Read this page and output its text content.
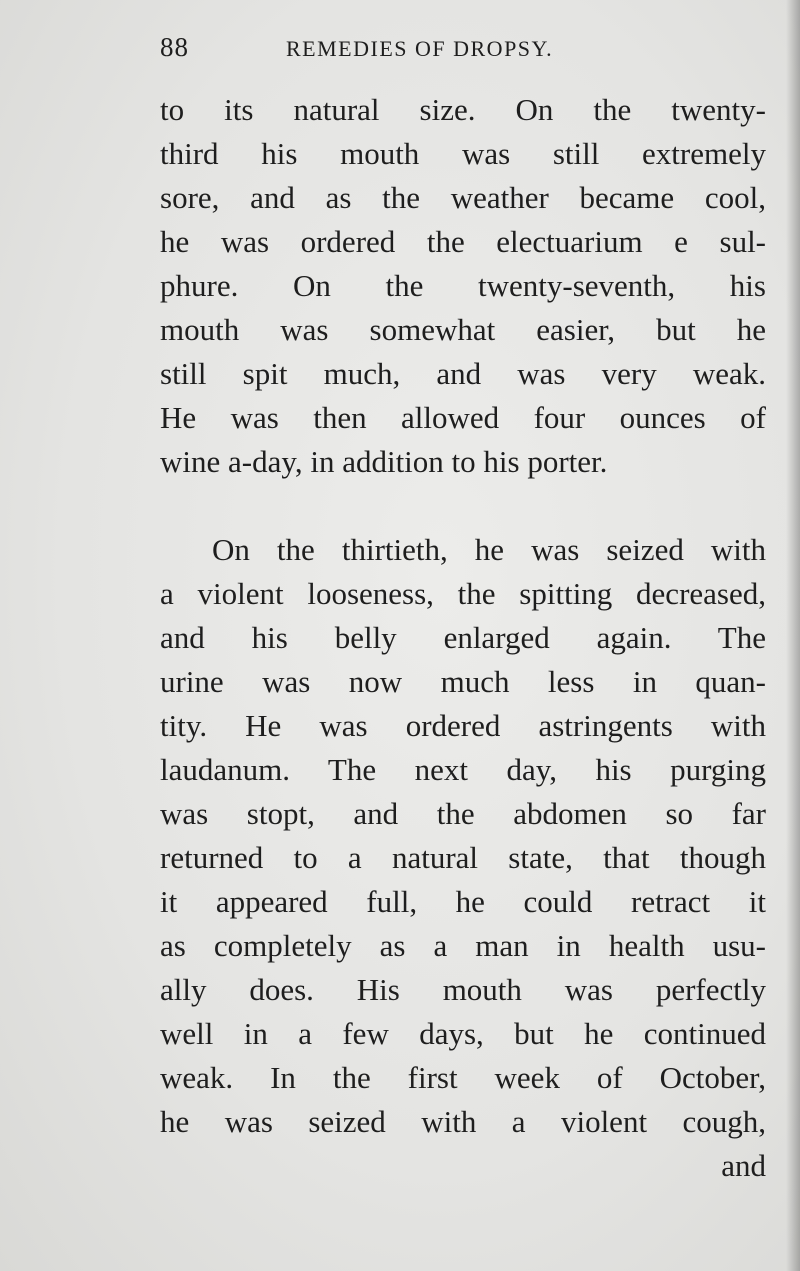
88	REMEDIES OF DROPSY.
to its natural size. On the twenty-
third his mouth was still extremely
sore, and as the weather became cool,
he was ordered the electuarium e sul-
phure. On the twenty-seventh, his
mouth was somewhat easier, but he
still spit much, and was very weak.
He was then allowed four ounces of
wine a-day, in addition to his porter.
On the thirtieth, he was seized with
a violent looseness, the spitting decreased,
and his belly enlarged again. The
urine was now much less in quan-
tity. He was ordered astringents with
laudanum. The next day, his purging
was stopt, and the abdomen so far
returned to a natural state, that though
it appeared full, he could retract it
as completely as a man in health usu-
ally does. His mouth was perfectly
well in a few days, but he continued
weak. In the first week of October,
he was seized with a violent cough,
and
